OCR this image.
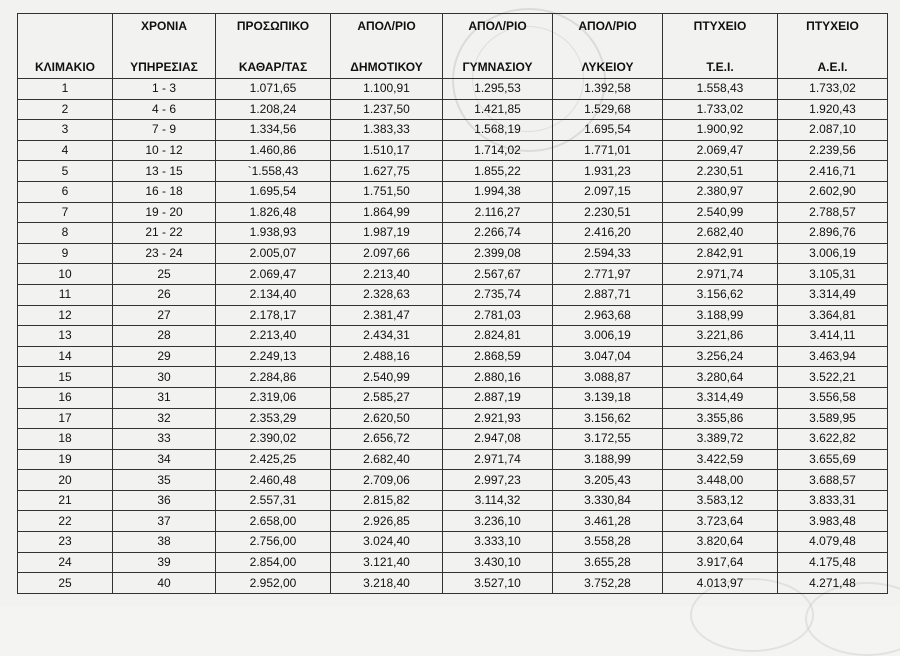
	ΧΡΟΝΙΑ	ΠΡΟΣΩΠΙΚΟ	ΑΠΟΛ/ΡΙΟ	ΑΠΟΛ/ΡΙΟ	ΑΠΟΛ/ΡΙΟ	ΠΤΥΧΕΙΟ	ΠΤΥΧΕΙΟ
ΚΛΙΜΑΚΙΟ	ΥΠΗΡΕΣΙΑΣ	ΚΑΘΑΡ/ΤΑΣ	ΔΗΜΟΤΙΚΟΥ	ΓΥΜΝΑΣΙΟΥ	ΛΥΚΕΙΟΥ	Τ.Ε.Ι.	Α.Ε.Ι.
1	1 - 3	1.071,65	1.100,91	1.295,53	1.392,58	1.558,43	1.733,02
2	4 - 6	1.208,24	1.237,50	1.421,85	1.529,68	1.733,02	1.920,43
3	7 - 9	1.334,56	1.383,33	1.568,19	1.695,54	1.900,92	2.087,10
4	10 - 12	1.460,86	1.510,17	1.714,02	1.771,01	2.069,47	2.239,56
5	13 - 15	`1.558,43	1.627,75	1.855,22	1.931,23	2.230,51	2.416,71
6	16 - 18	1.695,54	1.751,50	1.994,38	2.097,15	2.380,97	2.602,90
7	19 - 20	1.826,48	1.864,99	2.116,27	2.230,51	2.540,99	2.788,57
8	21 - 22	1.938,93	1.987,19	2.266,74	2.416,20	2.682,40	2.896,76
9	23 - 24	2.005,07	2.097,66	2.399,08	2.594,33	2.842,91	3.006,19
10	25	2.069,47	2.213,40	2.567,67	2.771,97	2.971,74	3.105,31
11	26	2.134,40	2.328,63	2.735,74	2.887,71	3.156,62	3.314,49
12	27	2.178,17	2.381,47	2.781,03	2.963,68	3.188,99	3.364,81
13	28	2.213,40	2.434,31	2.824,81	3.006,19	3.221,86	3.414,11
14	29	2.249,13	2.488,16	2.868,59	3.047,04	3.256,24	3.463,94
15	30	2.284,86	2.540,99	2.880,16	3.088,87	3.280,64	3.522,21
16	31	2.319,06	2.585,27	2.887,19	3.139,18	3.314,49	3.556,58
17	32	2.353,29	2.620,50	2.921,93	3.156,62	3.355,86	3.589,95
18	33	2.390,02	2.656,72	2.947,08	3.172,55	3.389,72	3.622,82
19	34	2.425,25	2.682,40	2.971,74	3.188,99	3.422,59	3.655,69
20	35	2.460,48	2.709,06	2.997,23	3.205,43	3.448,00	3.688,57
21	36	2.557,31	2.815,82	3.114,32	3.330,84	3.583,12	3.833,31
22	37	2.658,00	2.926,85	3.236,10	3.461,28	3.723,64	3.983,48
23	38	2.756,00	3.024,40	3.333,10	3.558,28	3.820,64	4.079,48
24	39	2.854,00	3.121,40	3.430,10	3.655,28	3.917,64	4.175,48
25	40	2.952,00	3.218,40	3.527,10	3.752,28	4.013,97	4.271,48
